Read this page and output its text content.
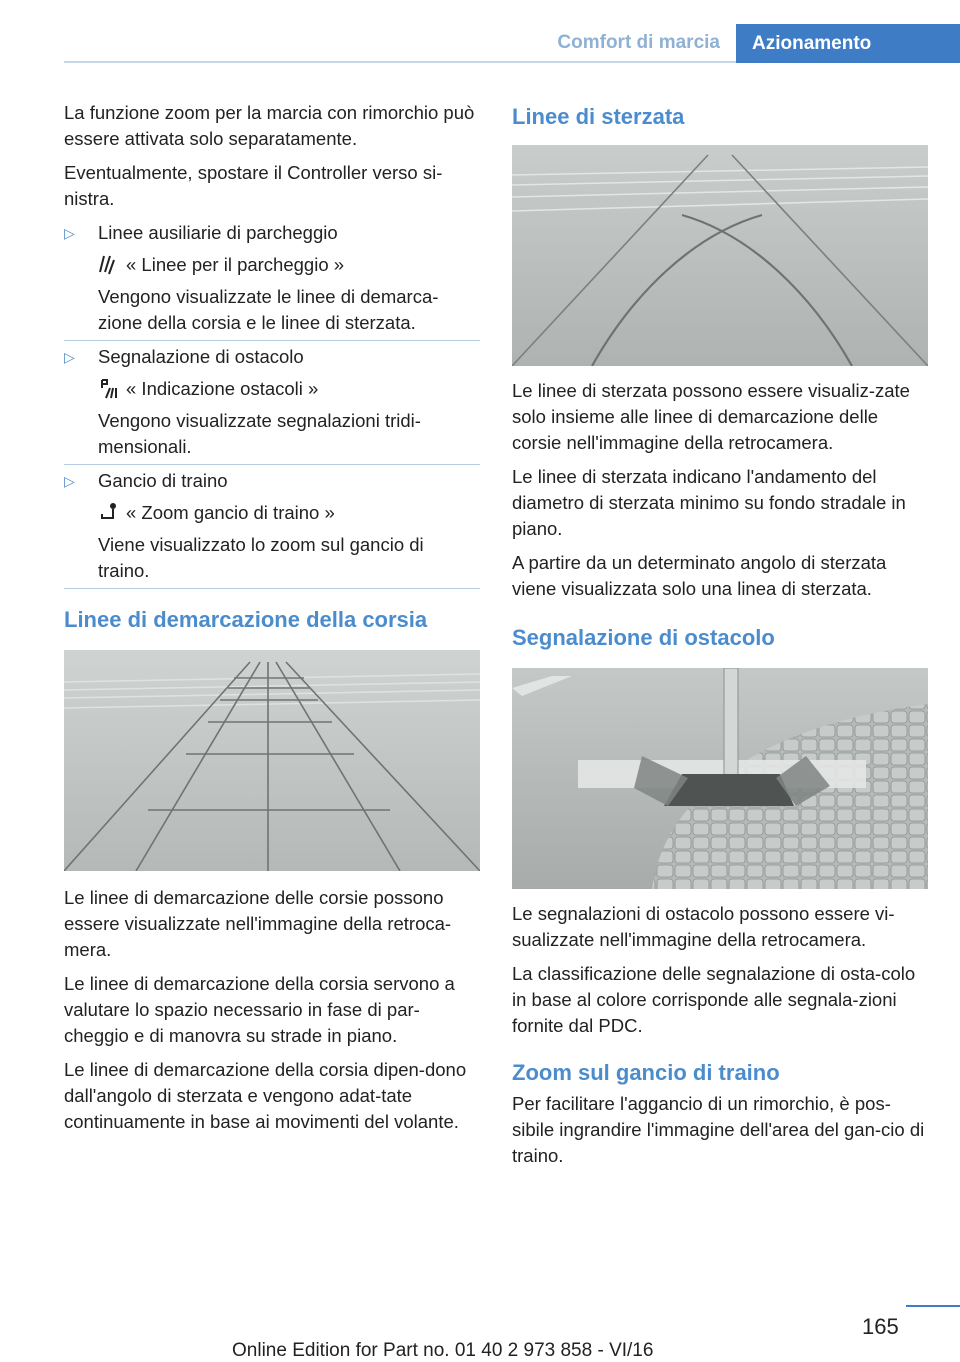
Comfort di marcia	Azionamento

La funzione zoom per la marcia con rimorchio può essere attivata solo separatamente.

Eventualmente, spostare il Controller verso si-nistra.

▷ Linee ausiliarie di parcheggio
« Linee per il parcheggio »
Vengono visualizzate le linee di demarca-zione della corsia e le linee di sterzata.
▷ Segnalazione di ostacolo
« Indicazione ostacoli »
Vengono visualizzate segnalazioni tridi-mensionali.
▷ Gancio di traino
« Zoom gancio di traino »
Viene visualizzato lo zoom sul gancio di traino.
Linee di demarcazione della corsia

Le linee di demarcazione delle corsie possono essere visualizzate nell'immagine della retroca-mera.

Le linee di demarcazione della corsia servono a valutare lo spazio necessario in fase di par-cheggio e di manovra su strade in piano.

Le linee di demarcazione della corsia dipen-dono dall'angolo di sterzata e vengono adat-tate continuamente in base ai movimenti del volante.

Linee di sterzata

Le linee di sterzata possono essere visualiz-zate solo insieme alle linee di demarcazione delle corsie nell'immagine della retrocamera.

Le linee di sterzata indicano l'andamento del diametro di sterzata minimo su fondo stradale in piano.

A partire da un determinato angolo di sterzata viene visualizzata solo una linea di sterzata.

Segnalazione di ostacolo

Le segnalazioni di ostacolo possono essere vi-sualizzate nell'immagine della retrocamera.

La classificazione delle segnalazione di osta-colo in base al colore corrisponde alle segnala-zioni fornite dal PDC.

Zoom sul gancio di traino

Per facilitare l'aggancio di un rimorchio, è pos-sibile ingrandire l'immagine dell'area del gan-cio di traino.

165
Online Edition for Part no. 01 40 2 973 858 - VI/16
